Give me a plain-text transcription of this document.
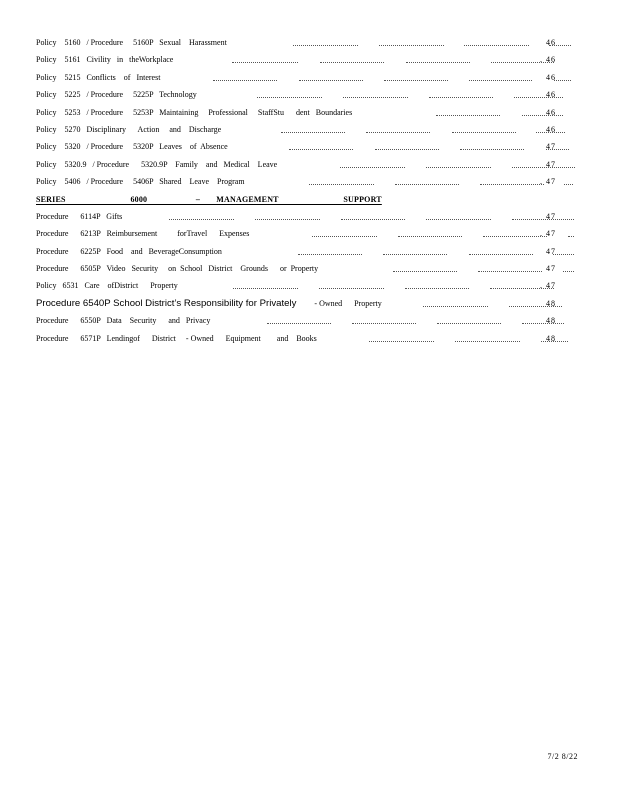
Policy    5160   / Procedure     5160P   Sexual    Harassment	46
Policy    5161   Civility   in   theWorkplace	. 46
Policy    5215   Conflicts    of   Interest	46
Policy    5225   / Procedure     5225P   Technology	46
Policy    5253   / Procedure     5253P   Maintaining     Professional     StaffStu      dent   Boundaries	46
Policy    5270   Disciplinary      Action     and    Discharge	46
Policy    5320   / Procedure     5320P   Leaves    of  Absence	47
Policy    5320.9   / Procedure      5320.9P    Family    and   Medical    Leave	47
Policy    5406   / Procedure     5406P   Shared    Leave    Program	. 47
SERIES    6000   – MANAGEMENT    SUPPORT
Procedure      6114P   Gifts	47
Procedure      6213P   Reimbursement          forTravel      Expenses	. 47
Procedure      6225P   Food    and   BeverageConsumption	47
Procedure      6505P   Video   Security     on  School   District    Grounds      or  Property	47
Policy   6531   Care    ofDistrict      Property	. 47
Procedure 6540P School District’s Responsibility for Privately - Owned      Property	48
Procedure      6550P   Data    Security      and   Privacy	48
Procedure      6571P   Lendingof      District     - Owned      Equipment        and    Books	48
7/2 8/22
